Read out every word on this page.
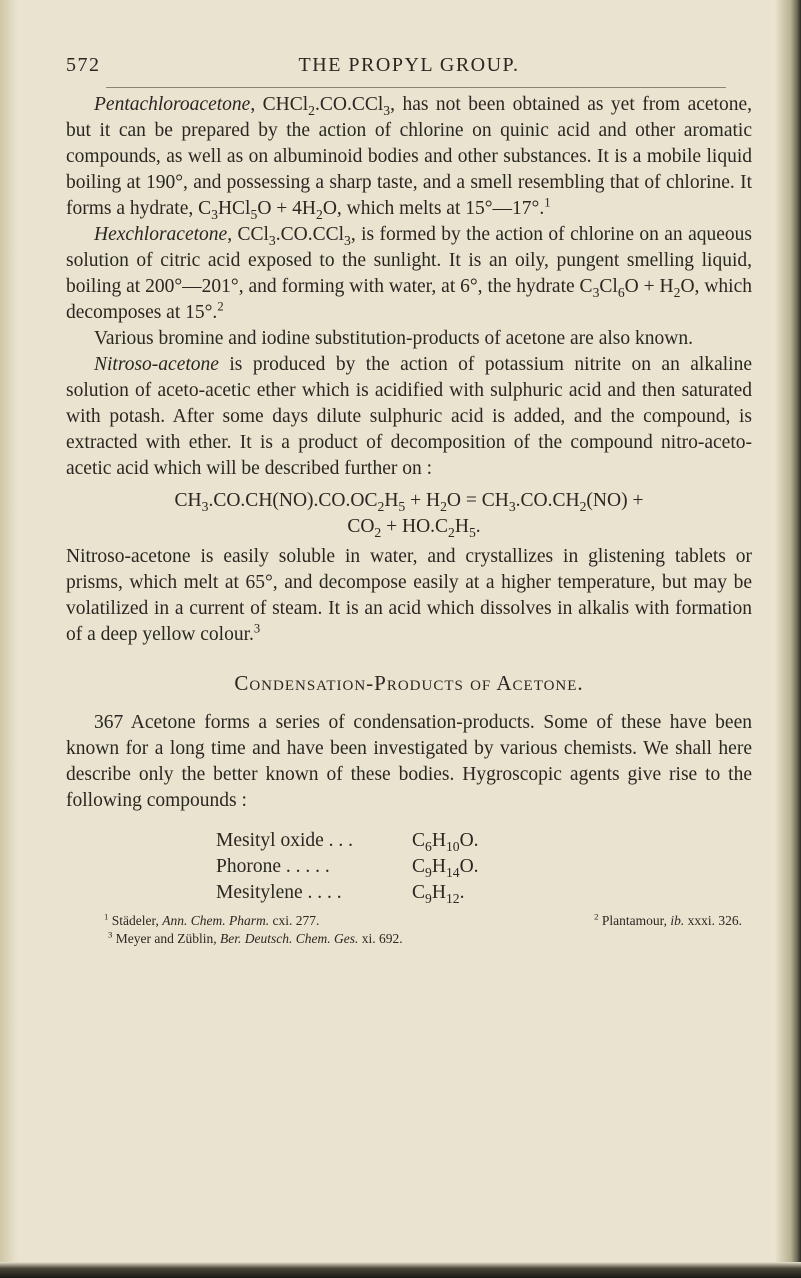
THE PROPYL GROUP.
572

Pentachloroacetone, CHCl$_2$.CO.CCl$_3$, has not been obtained as yet from acetone, but it can be prepared by the action of chlorine on quinic acid and other aromatic compounds, as well as on albuminoid bodies and other substances. It is a mobile liquid boiling at 190°, and possessing a sharp taste, and a smell resembling that of chlorine. It forms a hydrate, $C_3HCl_5O + 4H_2O$, which melts at 15°—17°.$^1$

Hexchloracetone, CCl$_3$.CO.CCl$_3$, is formed by the action of chlorine on an aqueous solution of citric acid exposed to the sunlight. It is an oily, pungent smelling liquid, boiling at 200°—201°, and forming with water, at 6°, the hydrate $C_3Cl_6O + H_2O$, which decomposes at 15°.$^2$

Various bromine and iodine substitution-products of acetone are also known.

Nitroso-acetone is produced by the action of potassium nitrite on an alkaline solution of aceto-acetic ether which is acidified with sulphuric acid and then saturated with potash. After some days dilute sulphuric acid is added, and the compound, is extracted with ether. It is a product of decomposition of the compound nitro-aceto-acetic acid which will be described further on :

$CH_3.CO.CH(NO).CO.OC_2H_5 + H_2O = CH_3.CO.CH_2(NO)$ +
$CO_2 + HO.C_2H_5$.

Nitroso-acetone is easily soluble in water, and crystallizes in glistening tablets or prisms, which melt at 65°, and decompose easily at a higher temperature, but may be volatilized in a current of steam. It is an acid which dissolves in alkalis with formation of a deep yellow colour.$^3$

Condensation-Products of Acetone.

367 Acetone forms a series of condensation-products. Some of these have been known for a long time and have been investigated by various chemists. We shall here describe only the better known of these bodies. Hygroscopic agents give rise to the following compounds :

Mesityl oxide . . .	$C_6H_{10}O$.
Phorone . . . . .	$C_9H_{14}O$.
Mesitylene . . . .	$C_9H_{12}$.
$^1$ Städeler, Ann. Chem. Pharm. cxi. 277.	$^2$ Plantamour, ib. xxxi. 326.
$^3$ Meyer and Züblin, Ber. Deutsch. Chem. Ges. xi. 692.
